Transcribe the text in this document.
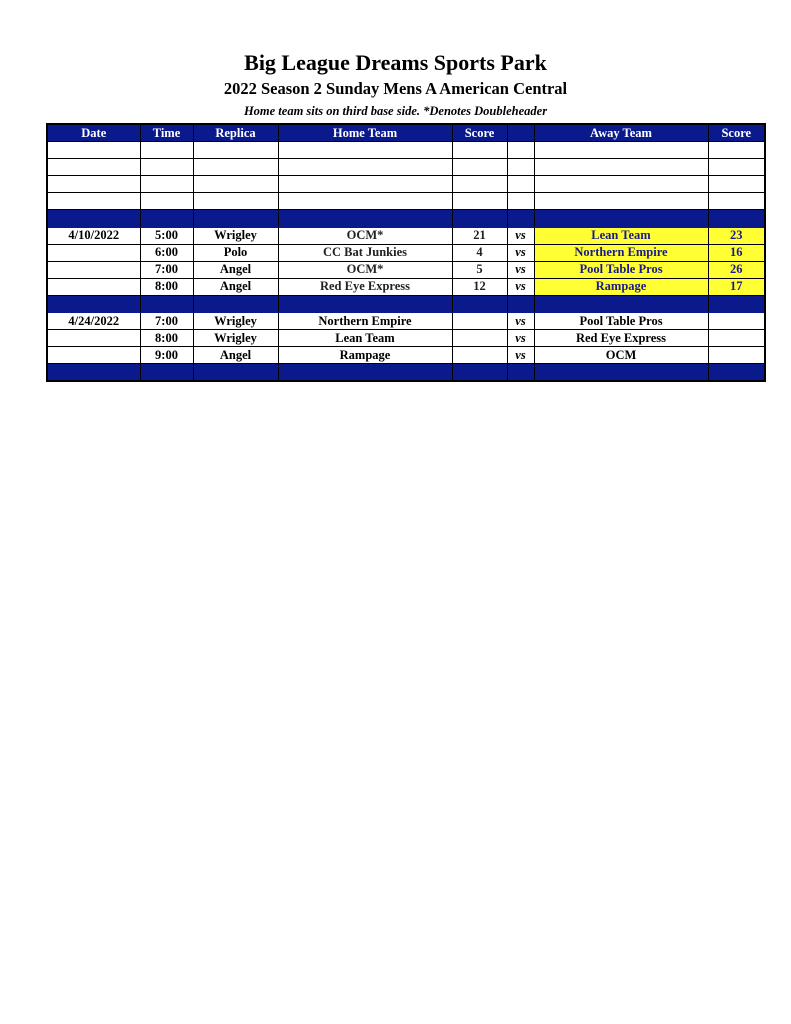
Big League Dreams Sports Park
2022 Season 2 Sunday Mens A American Central
Home team sits on third base side. *Denotes Doubleheader
Date	Time	Replica	Home Team	Score		Away Team	Score

4/10/2022	5:00	Wrigley	OCM*	21	vs	Lean Team	23
	6:00	Polo	CC Bat Junkies	4	vs	Northern Empire	16
	7:00	Angel	OCM*	5	vs	Pool Table Pros	26
	8:00	Angel	Red Eye Express	12	vs	Rampage	17

4/24/2022	7:00	Wrigley	Northern Empire		vs	Pool Table Pros	
	8:00	Wrigley	Lean Team		vs	Red Eye Express	
	9:00	Angel	Rampage		vs	OCM	
